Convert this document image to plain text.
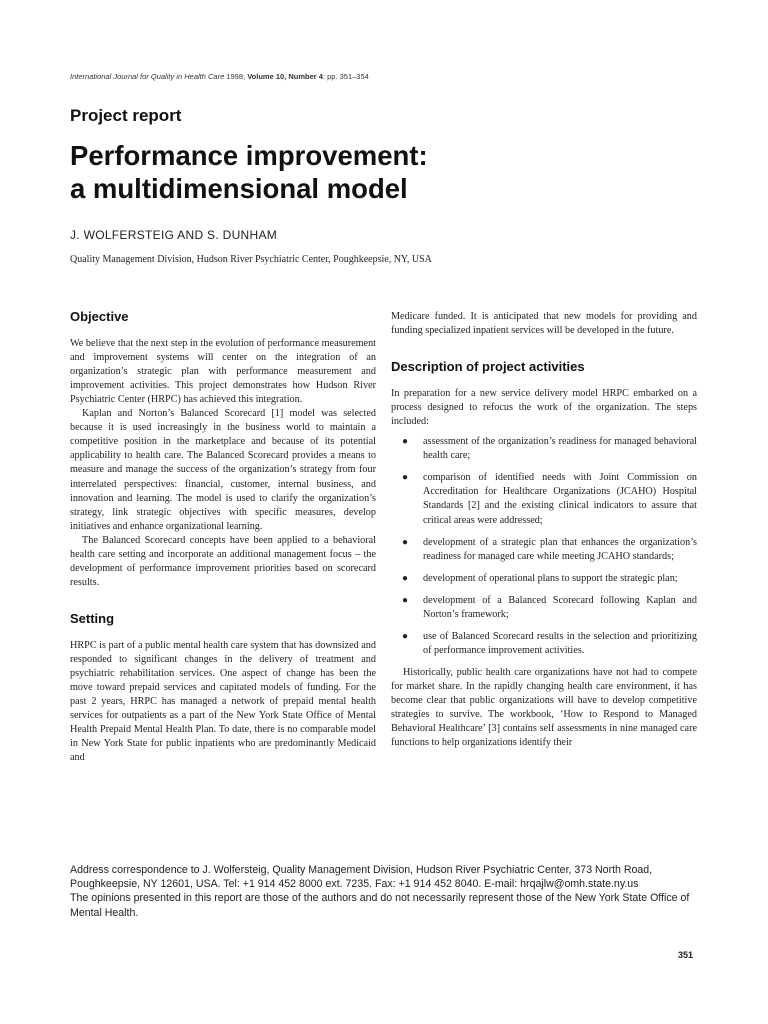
International Journal for Quality in Health Care 1998; Volume 10, Number 4: pp. 351–354
Project report
Performance improvement:
a multidimensional model
J. WOLFERSTEIG AND S. DUNHAM
Quality Management Division, Hudson River Psychiatric Center, Poughkeepsie, NY, USA
Objective

We believe that the next step in the evolution of performance measurement and improvement systems will center on the integration of an organization’s strategic plan with performance measurement and improvement activities. This project demonstrates how Hudson River Psychiatric Center (HRPC) has achieved this integration.

Kaplan and Norton’s Balanced Scorecard [1] model was selected because it is used increasingly in the business world to maintain a competitive position in the marketplace and because of its potential applicability to health care. The Balanced Scorecard provides a means to measure and manage the success of the organization’s strategy from four interrelated perspectives: financial, customer, internal business, and innovation and learning. The model is used to clarify the organization’s strategy, link strategic objectives with specific measures, develop initiatives and enhance organizational learning.

The Balanced Scorecard concepts have been applied to a behavioral health care setting and incorporate an additional management focus – the development of performance improvement priorities based on scorecard results.

Setting

HRPC is part of a public mental health care system that has downsized and responded to significant changes in the delivery of treatment and psychiatric rehabilitation services. One aspect of change has been the move toward prepaid services and capitated models of funding. For the past 2 years, HRPC has managed a network of prepaid mental health services for outpatients as a part of the New York State Office of Mental Health Prepaid Mental Health Plan. To date, there is no comparable model in New York State for public inpatients who are predominantly Medicaid and

Medicare funded. It is anticipated that new models for providing and funding specialized inpatient services will be developed in the future.

Description of project activities

In preparation for a new service delivery model HRPC embarked on a process designed to refocus the work of the organization. The steps included:

● assessment of the organization’s readiness for managed behavioral health care;
● comparison of identified needs with Joint Commission on Accreditation for Healthcare Organizations (JCAHO) Hospital Standards [2] and the existing clinical indicators to assure that critical areas were addressed;
● development of a strategic plan that enhances the organization’s readiness for managed care while meeting JCAHO standards;
● development of operational plans to support the strategic plan;
● development of a Balanced Scorecard following Kaplan and Norton’s framework;
● use of Balanced Scorecard results in the selection and prioritizing of performance improvement activities.

Historically, public health care organizations have not had to compete for market share. In the rapidly changing health care environment, it has become clear that public organizations will have to develop competitive strategies to survive. The workbook, ‘How to Respond to Managed Behavioral Healthcare’ [3] contains self assessments in nine managed care functions to help organizations identify their

Address correspondence to J. Wolfersteig, Quality Management Division, Hudson River Psychiatric Center, 373 North Road, Poughkeepsie, NY 12601, USA. Tel: +1 914 452 8000 ext. 7235. Fax: +1 914 452 8040. E-mail: hrqajlw@omh.state.ny.us
The opinions presented in this report are those of the authors and do not necessarily represent those of the New York State Office of Mental Health.
351
